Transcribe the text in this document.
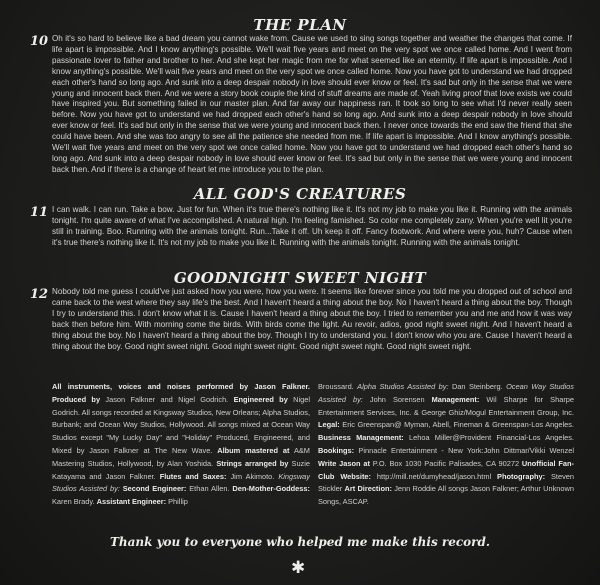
THE PLAN
10 Oh it's so hard to believe like a bad dream you cannot wake from. Cause we used to sing songs together and weather the changes that come. If life apart is impossible. And I know anything's possible. We'll wait five years and meet on the very spot we once called home. And I went from passionate lover to father and brother to her. And she kept her magic from me for what seemed like an eternity. If life apart is impossible. And I know anything's possible. We'll wait five years and meet on the very spot we once called home. Now you have got to understand we had dropped each other's hand so long ago. And sunk into a deep despair nobody in love should ever know or feel. It's sad but only in the sense that we were young and innocent back then. And we were a story book couple the kind of stuff dreams are made of. Yeah living proof that love exists we could have inspired you. But something failed in our master plan. And far away our happiness ran. It took so long to see what I'd never really seen before. Now you have got to understand we had dropped each other's hand so long ago. And sunk into a deep despair nobody in love should ever know or feel. It's sad but only in the sense that we were young and innocent back then. I never once towards the end saw the friend that she could have been. And she was too angry to see all the patience she needed from me. If life apart is impossible. And I know anything's possible. We'll wait five years and meet on the very spot we once called home. Now you have got to understand we had dropped each other's hand so long ago. And sunk into a deep despair nobody in love should ever know or feel. It's sad but only in the sense that we were young and innocent back then. And if there is a change of heart let me introduce you to the plan.

ALL GOD'S CREATURES
11 I can walk. I can run. Take a bow. Just for fun. When it's true there's nothing like it. It's not my job to make you like it. Running with the animals tonight. I'm quite aware of what I've accomplished. A natural high. I'm feeling famished. So color me completely zany. When you're well lit you're still in training. Boo. Running with the animals tonight. Run...Take it off. Uh keep it off. Fancy footwork. And where were you, huh? Cause when it's true there's nothing like it. It's not my job to make you like it. Running with the animals tonight. Running with the animals tonight.

GOODNIGHT SWEET NIGHT
12 Nobody told me guess I could've just asked how you were, how you were. It seems like forever since you told me you dropped out of school and came back to the west where they say life's the best. And I haven't heard a thing about the boy. No I haven't heard a thing about the boy. Though I try to understand this. I don't know what it is. Cause I haven't heard a thing about the boy. I tried to remember you and me and how it was way back then before him. With morning come the birds. With birds come the light. Au revoir, adios, good night sweet night. And I haven't heard a thing about the boy. No I haven't heard a thing about the boy. Though I try to understand you. I don't know who you are. Cause I haven't heard a thing about the boy. Good night sweet night. Good night sweet night. Good night sweet night. Good night sweet night.

All instruments, voices and noises performed by Jason Falkner. Produced by Jason Falkner and Nigel Godrich. Engineered by Nigel Godrich. All songs recorded at Kingsway Studios, New Orleans; Alpha Studios, Burbank; and Ocean Way Studios, Hollywood. All songs mixed at Ocean Way Studios except "My Lucky Day" and "Holiday" Produced, Engineered, and Mixed by Jason Falkner at The New Wave. Album mastered at A&M Mastering Studios, Hollywood, by Alan Yoshida. Strings arranged by Suzie Katayama and Jason Falkner. Flutes and Saxes: Jim Akimoto. Kingsway Studios Assisted by: Second Engineer: Ethan Allen. Den-Mother-Goddess: Karen Brady. Assistant Engineer: Phillip

Broussard. Alpha Studios Assisted by: Dan Steinberg. Ocean Way Studios Assisted by: John Sorensen Management: Wil Sharpe for Sharpe Entertainment Services, Inc. & George Ghiz/Mogul Entertainment Group, Inc. Legal: Eric Greenspan@ Myman, Abell, Fineman & Greenspan-Los Angeles. Business Management: Lehoa Miller@Provident Financial-Los Angeles. Bookings: Pinnacle Entertainment - New York:John Dittmar/Vikki Wenzel Write Jason at P.O. Box 1030 Pacific Palisades, CA 90272 Unofficial Fan-Club Website: http://mill.net/dumyhead/jason.html Photography: Steven Stickler Art Direction: Jenn Roddie All songs Jason Falkner; Arthur Unknown Songs, ASCAP.

Thank you to everyone who helped me make this record.

✱
